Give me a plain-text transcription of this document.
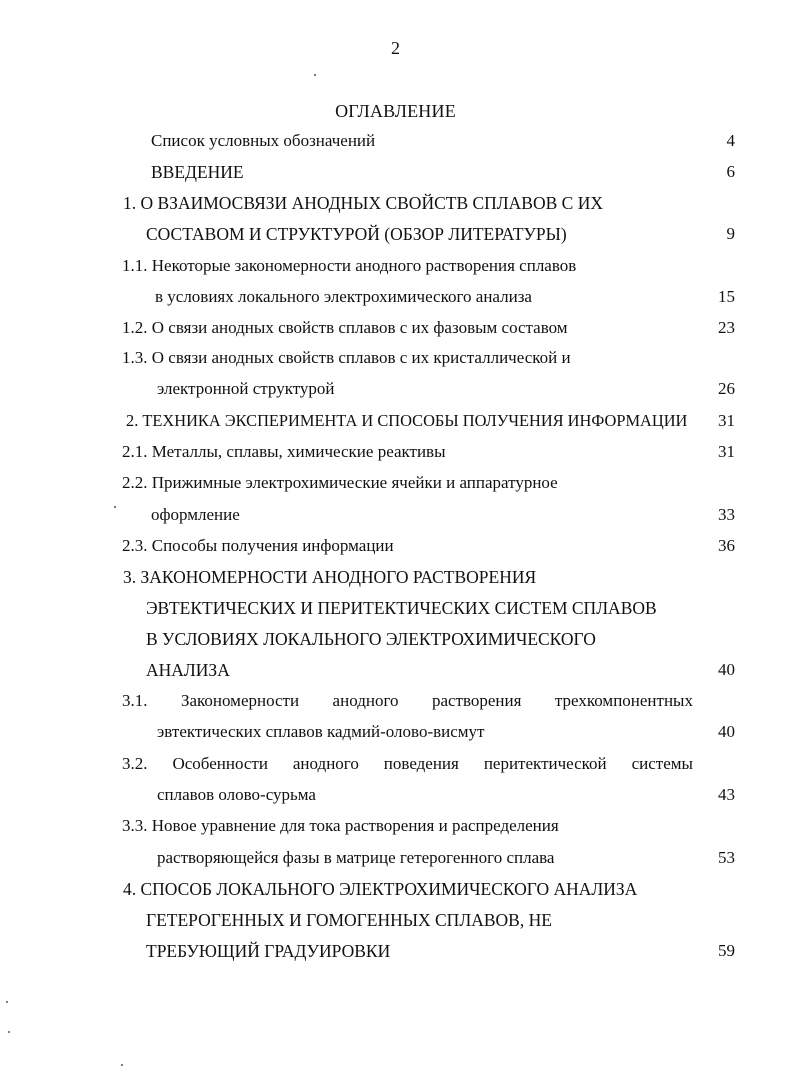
2
ОГЛАВЛЕНИЕ
Список условных обозначений	4
ВВЕДЕНИЕ	6
1. О ВЗАИМОСВЯЗИ АНОДНЫХ СВОЙСТВ СПЛАВОВ С ИХ
СОСТАВОМ И СТРУКТУРОЙ (ОБЗОР ЛИТЕРАТУРЫ)	9
1.1. Некоторые закономерности анодного растворения сплавов
в условиях локального электрохимического анализа	15
1.2. О связи анодных свойств сплавов с их фазовым составом	23
1.3. О связи анодных свойств сплавов с их кристаллической и
электронной структурой	26
2. ТЕХНИКА ЭКСПЕРИМЕНТА И СПОСОБЫ ПОЛУЧЕНИЯ ИНФОРМАЦИИ 31
2.1. Металлы, сплавы, химические реактивы	31
2.2. Прижимные электрохимические ячейки и аппаратурное
оформление	33
2.3. Способы получения информации	36
3. ЗАКОНОМЕРНОСТИ АНОДНОГО РАСТВОРЕНИЯ
ЭВТЕКТИЧЕСКИХ И ПЕРИТЕКТИЧЕСКИХ СИСТЕМ СПЛАВОВ
В УСЛОВИЯХ ЛОКАЛЬНОГО ЭЛЕКТРОХИМИЧЕСКОГО
АНАЛИЗА	40
3.1. Закономерности анодного растворения трехкомпонентных
эвтектических сплавов кадмий-олово-висмут	40
3.2. Особенности анодного поведения перитектической системы
сплавов олово-сурьма	43
3.3. Новое уравнение для тока растворения и распределения
растворяющейся фазы в матрице гетерогенного сплава	53
4. СПОСОБ ЛОКАЛЬНОГО ЭЛЕКТРОХИМИЧЕСКОГО АНАЛИЗА
ГЕТЕРОГЕННЫХ И ГОМОГЕННЫХ СПЛАВОВ, НЕ
ТРЕБУЮЩИЙ ГРАДУИРОВКИ	59
